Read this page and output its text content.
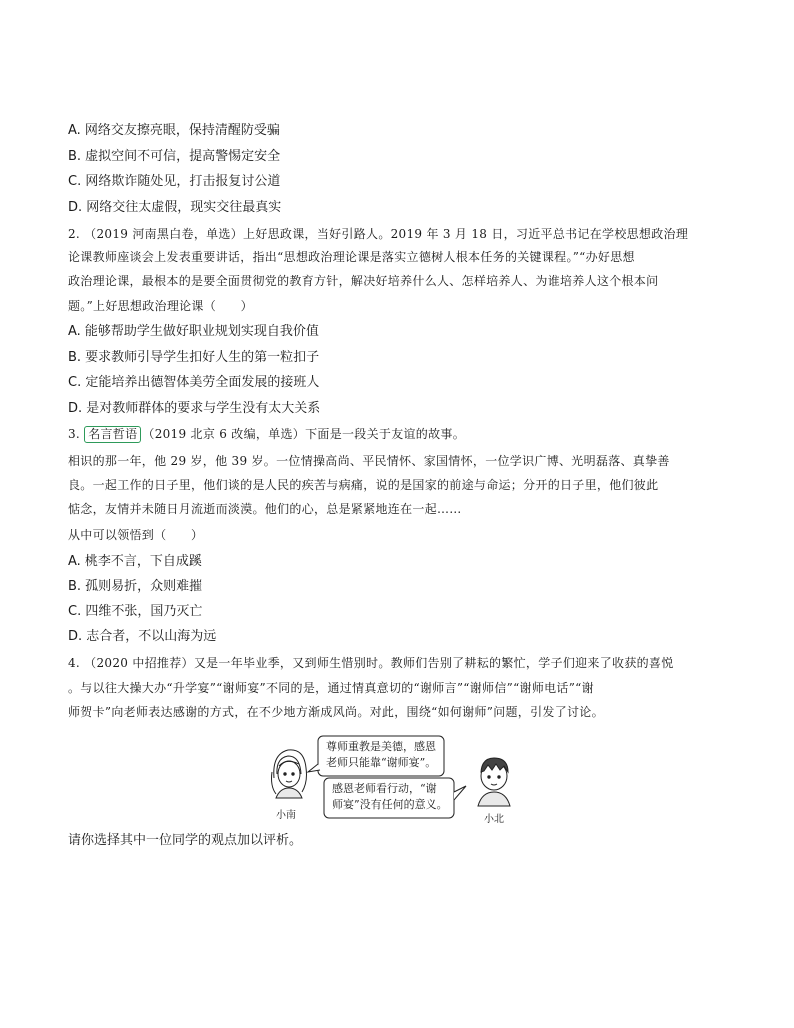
A. 网络交友擦亮眼，保持清醒防受骗
B. 虚拟空间不可信，提高警惕定安全
C. 网络欺诈随处见，打击报复讨公道
D. 网络交往太虚假，现实交往最真实
2. （2019 河南黑白卷，单选）上好思政课，当好引路人。2019 年 3 月 18 日，习近平总书记在学校思想政治理
论课教师座谈会上发表重要讲话，指出“思想政治理论课是落实立德树人根本任务的关键课程。”“办好思想
政治理论课，最根本的是要全面贯彻党的教育方针，解决好培养什么人、怎样培养人、为谁培养人这个根本问
题。”上好思想政治理论课（　　）
A. 能够帮助学生做好职业规划实现自我价值
B. 要求教师引导学生扣好人生的第一粒扣子
C. 定能培养出德智体美劳全面发展的接班人
D. 是对教师群体的要求与学生没有太大关系
3. 名言哲语 （2019 北京 6 改编，单选）下面是一段关于友谊的故事。
相识的那一年，他 29 岁，他 39 岁。一位情操高尚、平民情怀、家国情怀，一位学识广博、光明磊落、真挚善
良。一起工作的日子里，他们谈的是人民的疾苦与病痛，说的是国家的前途与命运；分开的日子里，他们彼此
惦念，友情并未随日月流逝而淡漠。他们的心，总是紧紧地连在一起……
从中可以领悟到（　　）
A. 桃李不言，下自成蹊
B. 孤则易折，众则难摧
C. 四维不张，国乃灭亡
D. 志合者，不以山海为远
4. （2020 中招推荐）又是一年毕业季，又到师生惜别时。教师们告别了耕耘的繁忙，学子们迎来了收获的喜悦
。与以往大操大办“升学宴”“谢师宴”不同的是，通过情真意切的“谢师言”“谢师信”“谢师电话”“谢
师贺卡”向老师表达感谢的方式，在不少地方渐成风尚。对此，围绕“如何谢师”问题，引发了讨论。
尊师重教是美德，感恩
老师只能靠“谢师宴”。
感恩老师看行动，“谢
师宴”没有任何的意义。
小南	小北
请你选择其中一位同学的观点加以评析。
